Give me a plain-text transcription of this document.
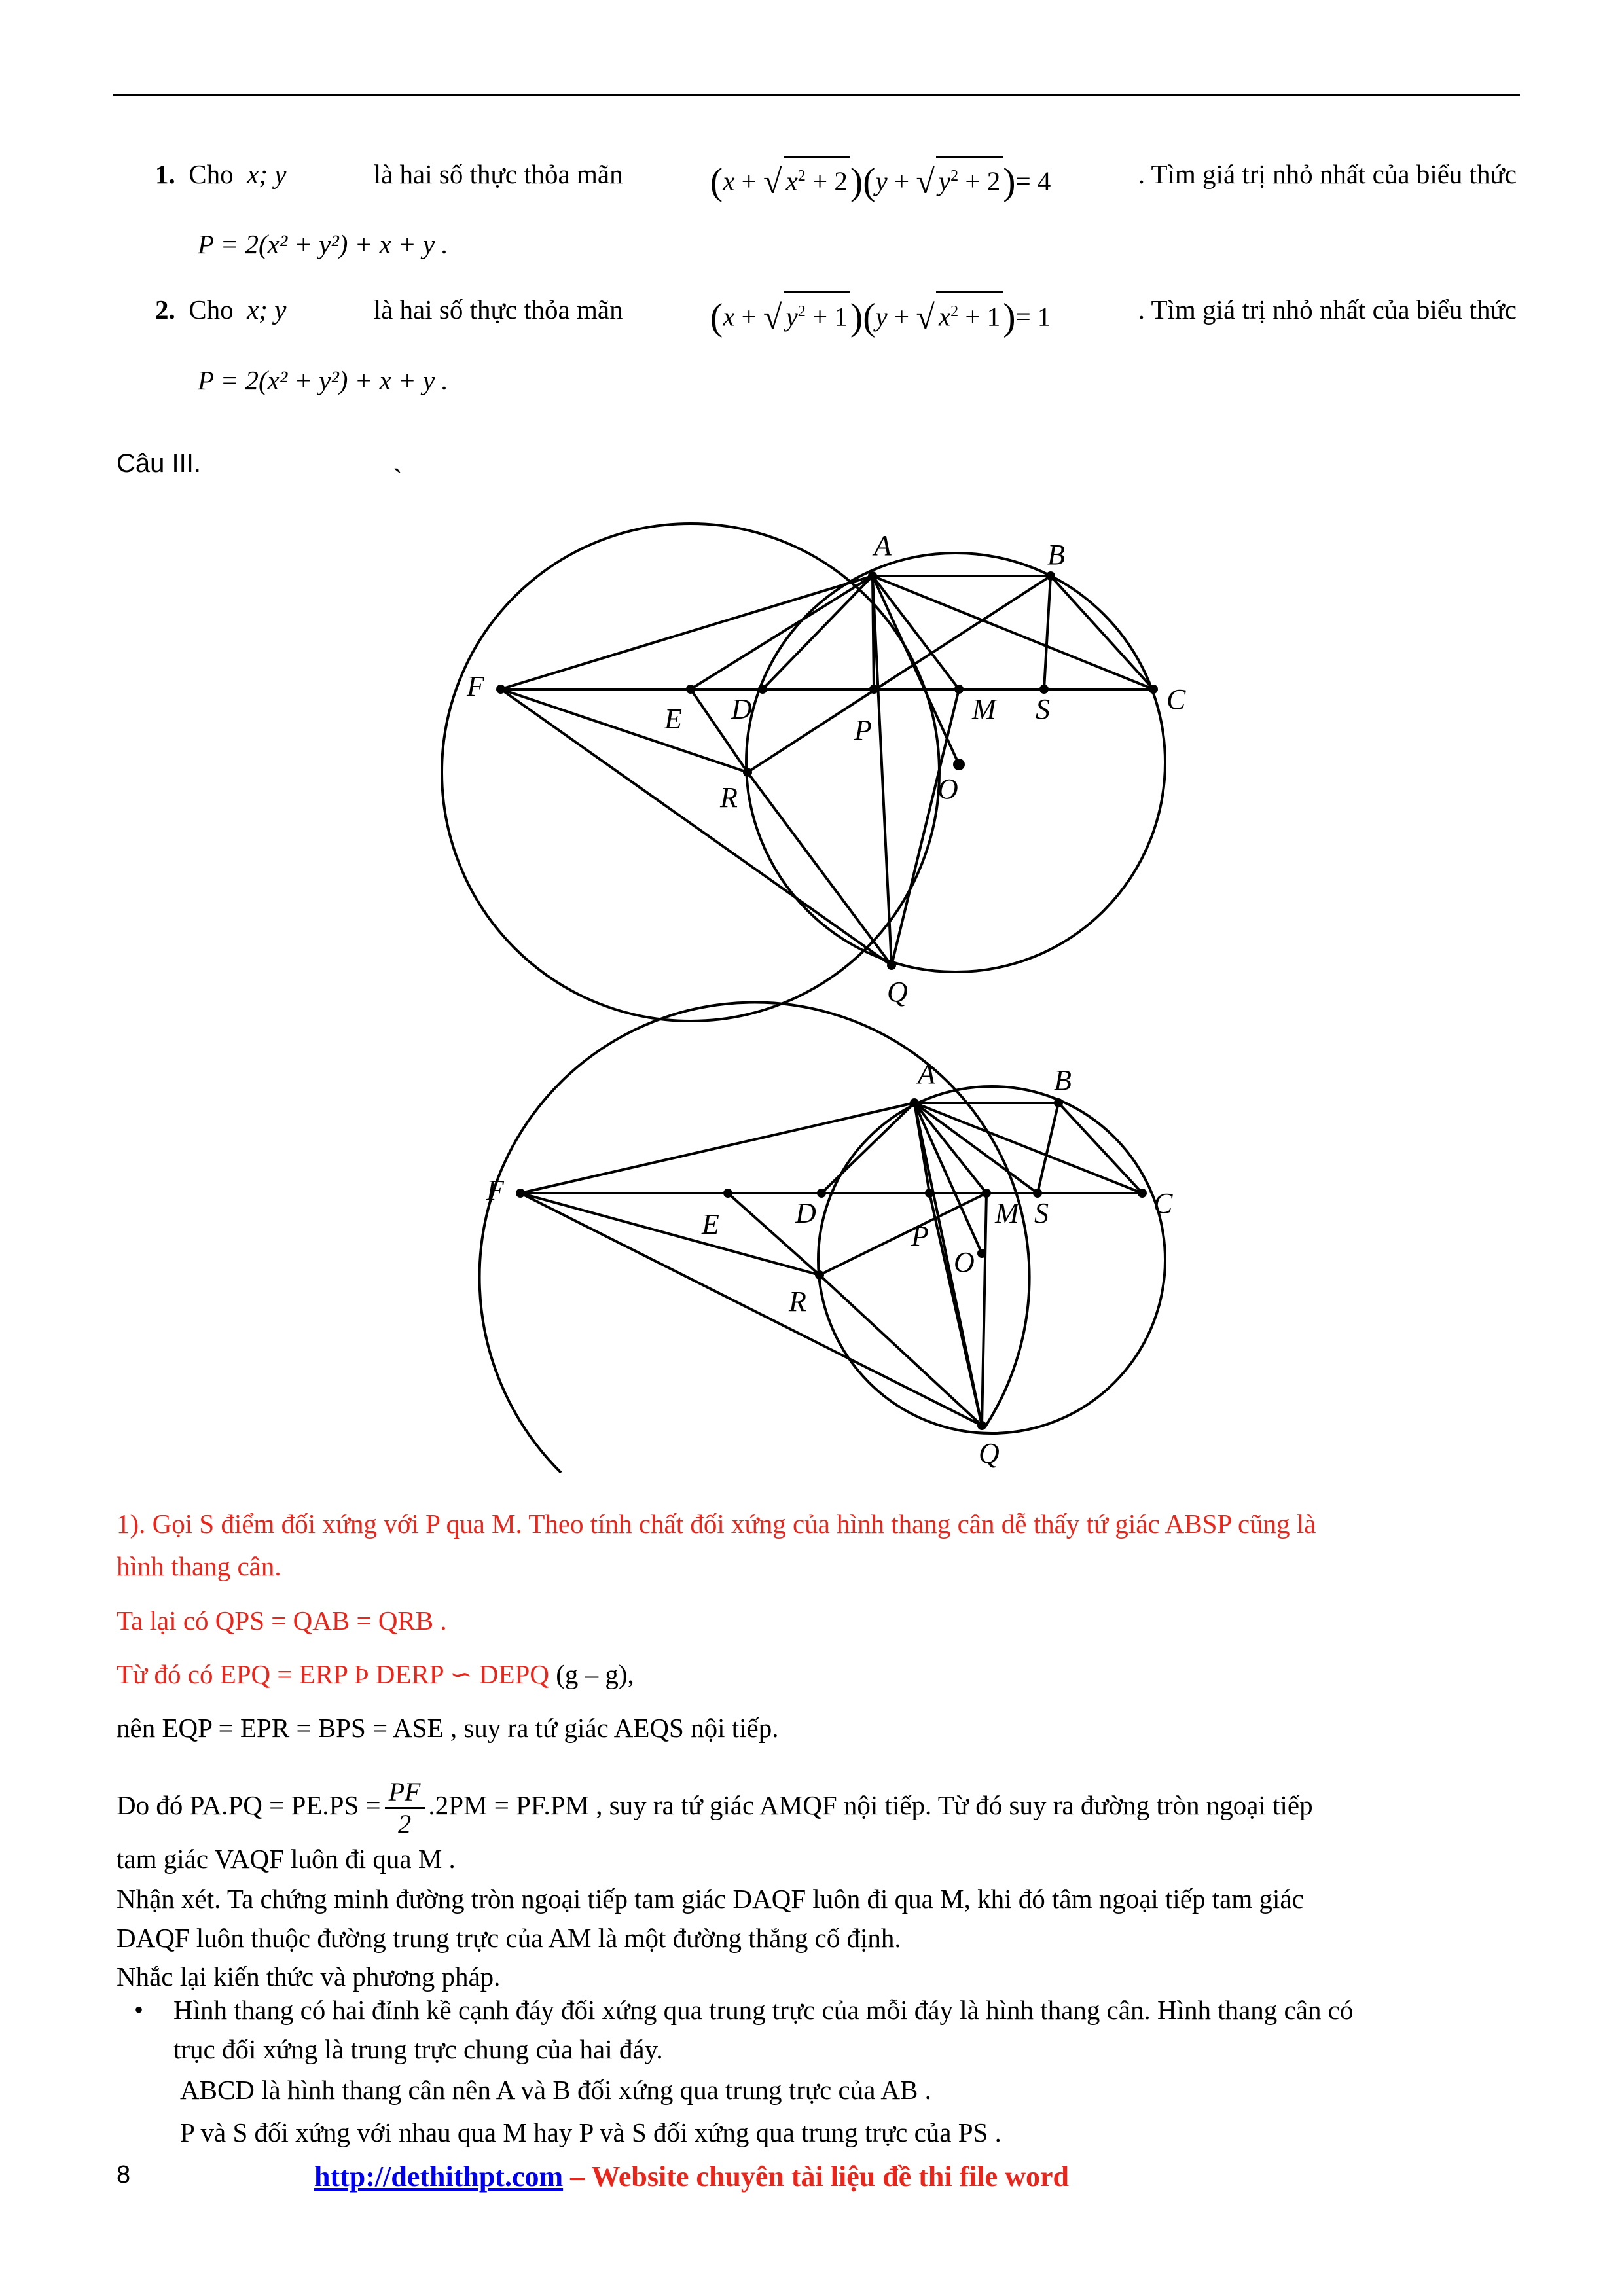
1. Cho x; y	là hai số thực thỏa mãn (x + √ $x^2 + 2)(y$ + √ $y^2 + 2)= 4$	. Tìm giá trị nhỏ nhất của biểu thức
P = 2(x² + y²) + x + y .
2. Cho x; y	là hai số thực thỏa mãn (x + √ $y^2 + 1)(y$ + √ $x^2 + 1)= 1$	. Tìm giá trị nhỏ nhất của biểu thức
P = 2(x² + y²) + x + y .
Câu III.	`
A	B
C
D
E
F
M S
P
O
R
Q
A	B
C
D
E
F
M S
P
O
R
Q
1). Gọi S điểm đối xứng với P qua M. Theo tính chất đối xứng của hình thang cân dễ thấy tứ giác ABSP cũng là
hình thang cân.
Ta lại có QPS = QAB = QRB .
Từ đó có EPQ = ERP Þ DERP ∽ DEPQ (g – g),
nên EQP = EPR = BPS = ASE , suy ra tứ giác AEQS nội tiếp.
Do đó $PA.PQ = PE.PS = \frac{PF}{2} .2PM = PF.PM$ , suy ra tứ giác AMQF nội tiếp. Từ đó suy ra đường tròn ngoại tiếp
tam giác VAQF luôn đi qua M .
Nhận xét. Ta chứng minh đường tròn ngoại tiếp tam giác DAQF luôn đi qua M, khi đó tâm ngoại tiếp tam giác
DAQF luôn thuộc đường trung trực của AM là một đường thẳng cố định.
Nhắc lại kiến thức và phương pháp.
• Hình thang có hai đỉnh kề cạnh đáy đối xứng qua trung trực của mỗi đáy là hình thang cân. Hình thang cân có
trục đối xứng là trung trực chung của hai đáy.
ABCD là hình thang cân nên A và B đối xứng qua trung trực của AB .
P và S đối xứng với nhau qua M hay P và S đối xứng qua trung trực của PS .
8	http://dethithpt.com – Website chuyên tài liệu đề thi file word
